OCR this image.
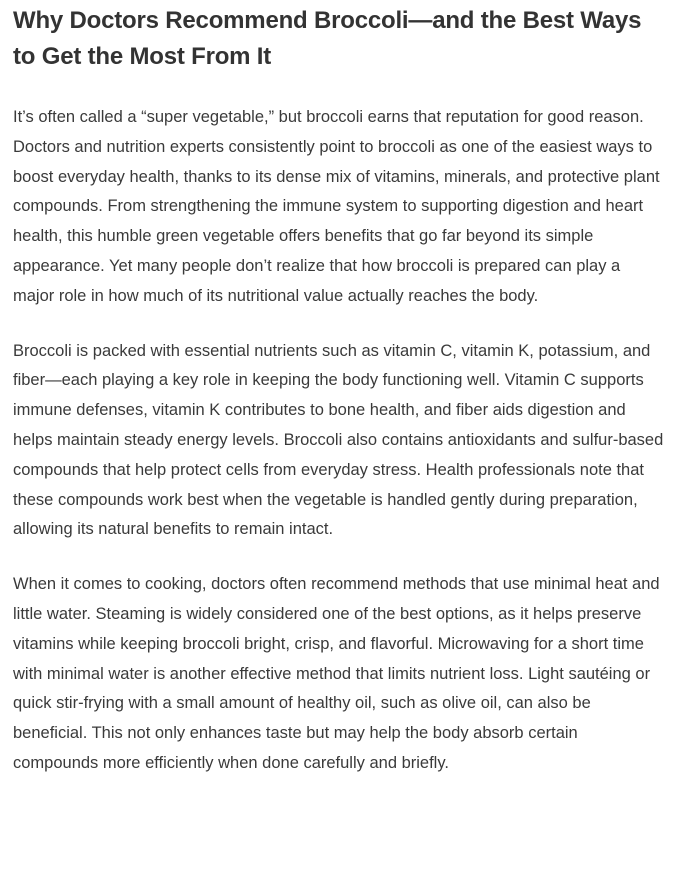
Why Doctors Recommend Broccoli—and the Best Ways to Get the Most From It

It’s often called a “super vegetable,” but broccoli earns that reputation for good reason. Doctors and nutrition experts consistently point to broccoli as one of the easiest ways to boost everyday health, thanks to its dense mix of vitamins, minerals, and protective plant compounds. From strengthening the immune system to supporting digestion and heart health, this humble green vegetable offers benefits that go far beyond its simple appearance. Yet many people don’t realize that how broccoli is prepared can play a major role in how much of its nutritional value actually reaches the body.

Broccoli is packed with essential nutrients such as vitamin C, vitamin K, potassium, and fiber—each playing a key role in keeping the body functioning well. Vitamin C supports immune defenses, vitamin K contributes to bone health, and fiber aids digestion and helps maintain steady energy levels. Broccoli also contains antioxidants and sulfur-based compounds that help protect cells from everyday stress. Health professionals note that these compounds work best when the vegetable is handled gently during preparation, allowing its natural benefits to remain intact.

When it comes to cooking, doctors often recommend methods that use minimal heat and little water. Steaming is widely considered one of the best options, as it helps preserve vitamins while keeping broccoli bright, crisp, and flavorful. Microwaving for a short time with minimal water is another effective method that limits nutrient loss. Light sautéing or quick stir-frying with a small amount of healthy oil, such as olive oil, can also be beneficial. This not only enhances taste but may help the body absorb certain compounds more efficiently when done carefully and briefly.
